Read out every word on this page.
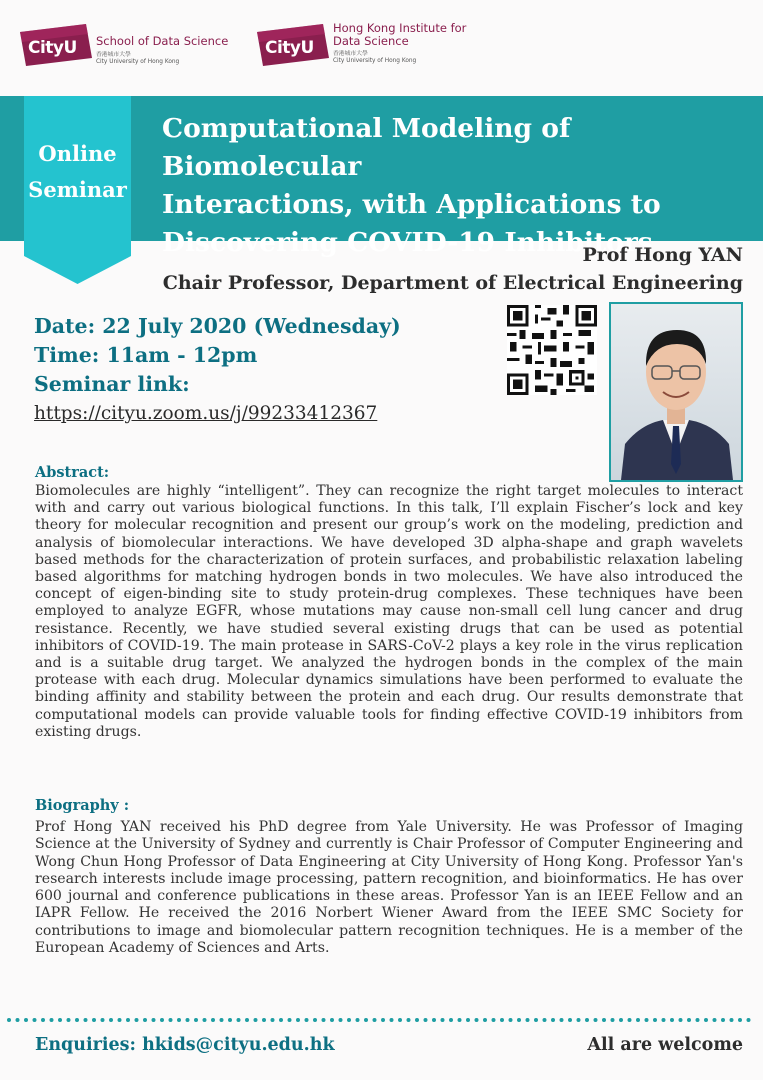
CityU School of Data Science
香港城市大學
City University of Hong Kong
CityU
Hong Kong Institute for
Data Science
香港城市大學
City University of Hong Kong
Computational Modeling of Biomolecular
Interactions, with Applications to
Discovering COVID-19 Inhibitors
Online
Seminar
Prof Hong YAN
Chair Professor, Department of Electrical Engineering
Date: 22 July 2020 (Wednesday)
Time: 11am - 12pm
Seminar link:
https://cityu.zoom.us/j/99233412367
Abstract:
Biomolecules are highly “intelligent”. They can recognize the right target molecules to interact with and carry out various biological functions. In this talk, I’ll explain Fischer’s lock and key theory for molecular recognition and present our group’s work on the modeling, prediction and analysis of biomolecular interactions. We have developed 3D alpha-shape and graph wavelets based methods for the characterization of protein surfaces, and probabilistic relaxation labeling based algorithms for matching hydrogen bonds in two molecules. We have also introduced the concept of eigen-binding site to study protein-drug complexes. These techniques have been employed to analyze EGFR, whose mutations may cause non-small cell lung cancer and drug resistance. Recently, we have studied several existing drugs that can be used as potential inhibitors of COVID-19. The main protease in SARS-CoV-2 plays a key role in the virus replication and is a suitable drug target. We analyzed the hydrogen bonds in the complex of the main protease with each drug. Molecular dynamics simulations have been performed to evaluate the binding affinity and stability between the protein and each drug. Our results demonstrate that computational models can provide valuable tools for finding effective COVID-19 inhibitors from existing drugs.
Biography :
Prof Hong YAN received his PhD degree from Yale University. He was Professor of Imaging Science at the University of Sydney and currently is Chair Professor of Computer Engineering and Wong Chun Hong Professor of Data Engineering at City University of Hong Kong. Professor Yan's research interests include image processing, pattern recognition, and bioinformatics. He has over 600 journal and conference publications in these areas. Professor Yan is an IEEE Fellow and an IAPR Fellow. He received the 2016 Norbert Wiener Award from the IEEE SMC Society for contributions to image and biomolecular pattern recognition techniques. He is a member of the European Academy of Sciences and Arts.
Enquiries: hkids@cityu.edu.hk	All are welcome
